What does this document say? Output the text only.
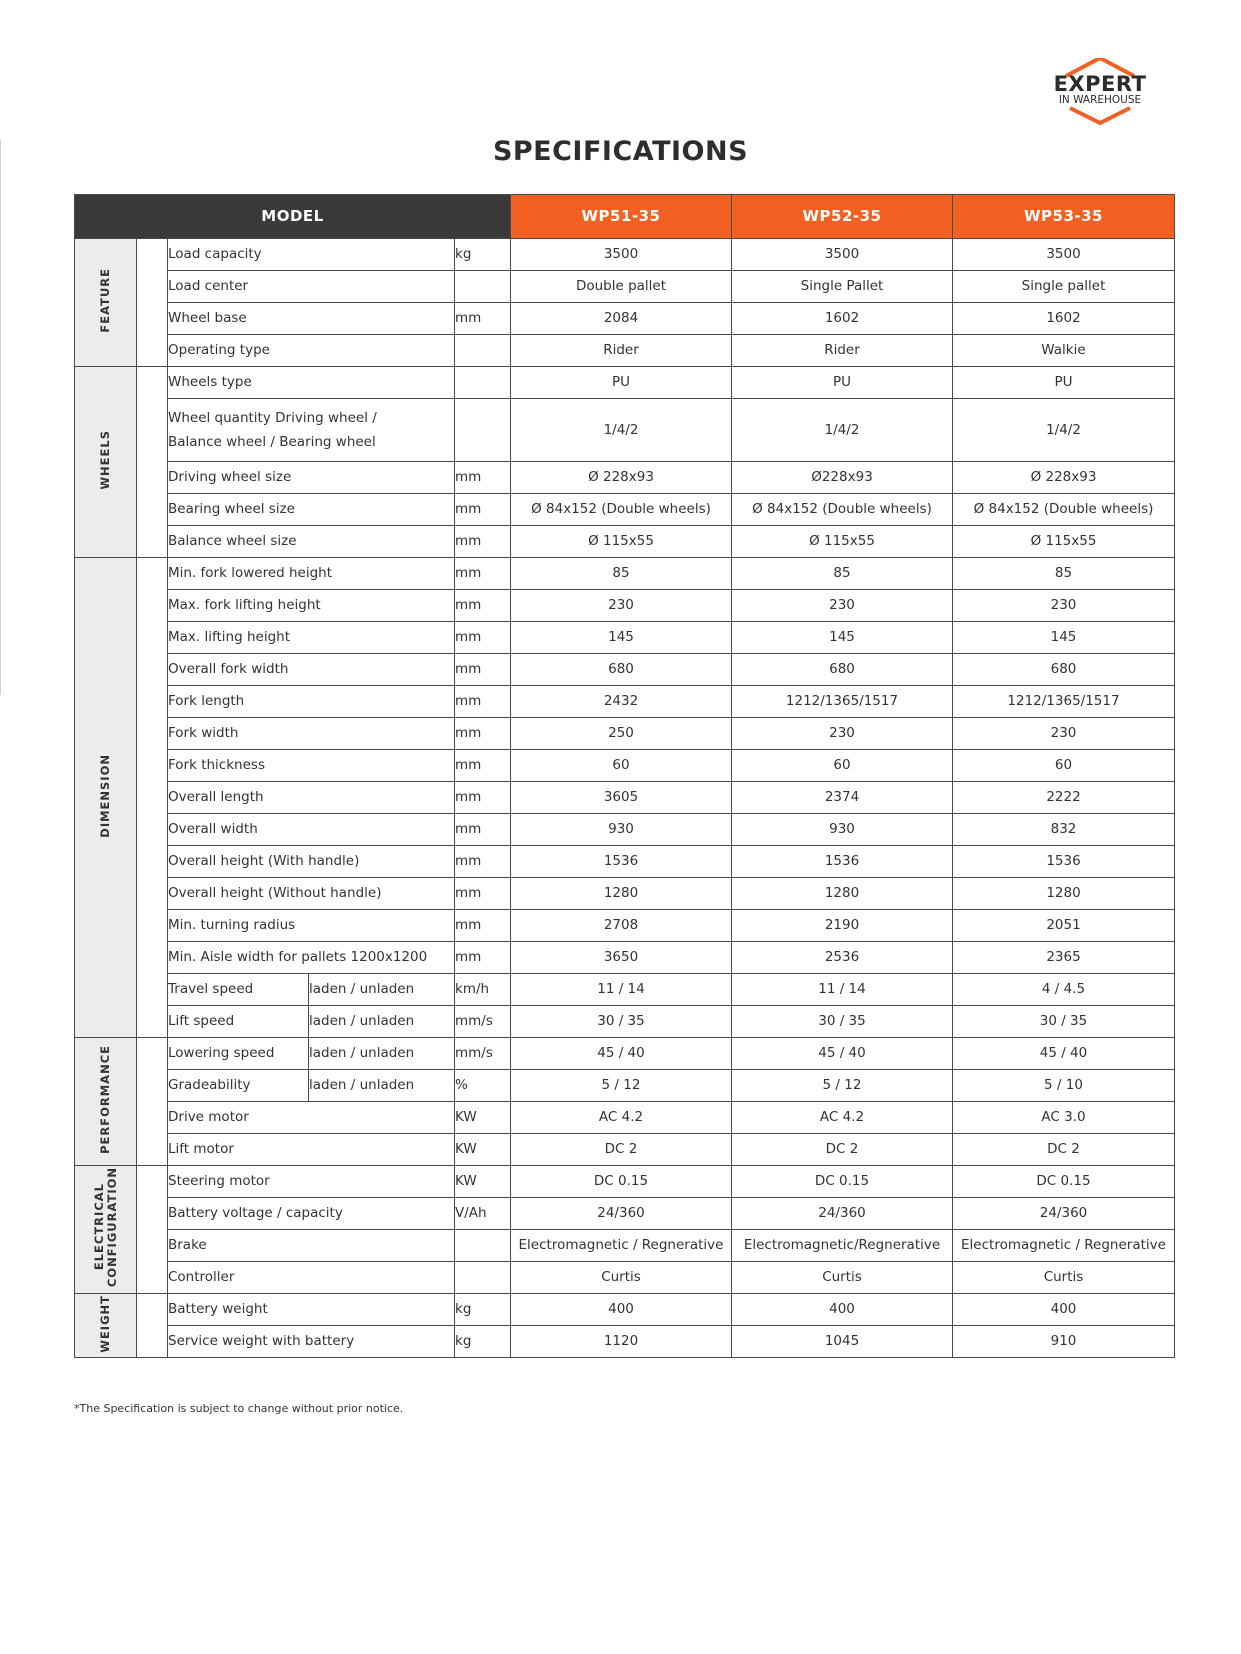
EXPERT
IN WAREHOUSE
SPECIFICATIONS
MODEL					WP51-35	WP52-35	WP53-35
FEATURE		Load capacity		kg	3500	3500	3500
		Load center			Double pallet	Single Pallet	Single pallet
		Wheel base		mm	2084	1602	1602
		Operating type			Rider	Rider	Walkie
WHEELS		Wheels type			PU	PU	PU
		Wheel quantity Driving wheel /
Balance wheel / Bearing wheel			1/4/2	1/4/2	1/4/2
		Driving wheel size		mm	Ø 228x93	Ø228x93	Ø 228x93
		Bearing wheel size		mm	Ø 84x152 (Double wheels)	Ø 84x152 (Double wheels)	Ø 84x152 (Double wheels)
		Balance wheel size		mm	Ø 115x55	Ø 115x55	Ø 115x55
DIMENSION		Min. fork lowered height		mm	85	85	85
		Max. fork lifting height		mm	230	230	230
		Max. lifting height		mm	145	145	145
		Overall fork width		mm	680	680	680
		Fork length		mm	2432	1212/1365/1517	1212/1365/1517
		Fork width		mm	250	230	230
		Fork thickness		mm	60	60	60
		Overall length		mm	3605	2374	2222
		Overall width		mm	930	930	832
		Overall height (With handle)		mm	1536	1536	1536
		Overall height (Without handle)		mm	1280	1280	1280
		Min. turning radius		mm	2708	2190	2051
		Min. Aisle width for pallets 1200x1200		mm	3650	2536	2365
		Travel speed	laden / unladen	km/h	11 / 14	11 / 14	4 / 4.5
		Lift speed	laden / unladen	mm/s	30 / 35	30 / 35	30 / 35
PERFORMANCE		Lowering speed	laden / unladen	mm/s	45 / 40	45 / 40	45 / 40
		Gradeability	laden / unladen	%	5 / 12	5 / 12	5 / 10
		Drive motor		KW	AC 4.2	AC 4.2	AC 3.0
		Lift motor		KW	DC 2	DC 2	DC 2
ELECTRICAL
CONFIGURATION		Steering motor		KW	DC 0.15	DC 0.15	DC 0.15
		Battery voltage / capacity		V/Ah	24/360	24/360	24/360
		Brake			Electromagnetic / Regnerative	Electromagnetic/Regnerative	Electromagnetic / Regnerative
		Controller			Curtis	Curtis	Curtis
WEIGHT		Battery weight		kg	400	400	400
		Service weight with battery		kg	1120	1045	910
*The Specification is subject to change without prior notice.
